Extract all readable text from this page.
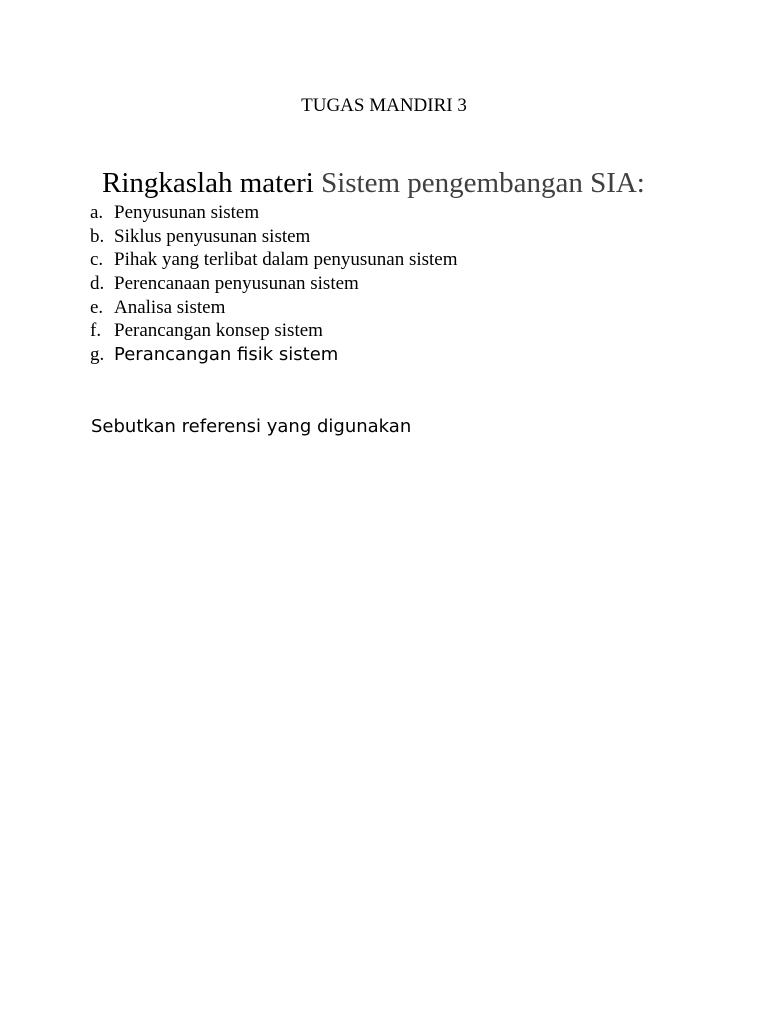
TUGAS MANDIRI 3
Ringkaslah materi Sistem pengembangan SIA:
a. Penyusunan sistem
b. Siklus penyusunan sistem
c. Pihak yang terlibat dalam penyusunan sistem
d. Perencanaan penyusunan sistem
e. Analisa sistem
f. Perancangan konsep sistem
g. Perancangan fisik sistem
Sebutkan referensi yang digunakan
